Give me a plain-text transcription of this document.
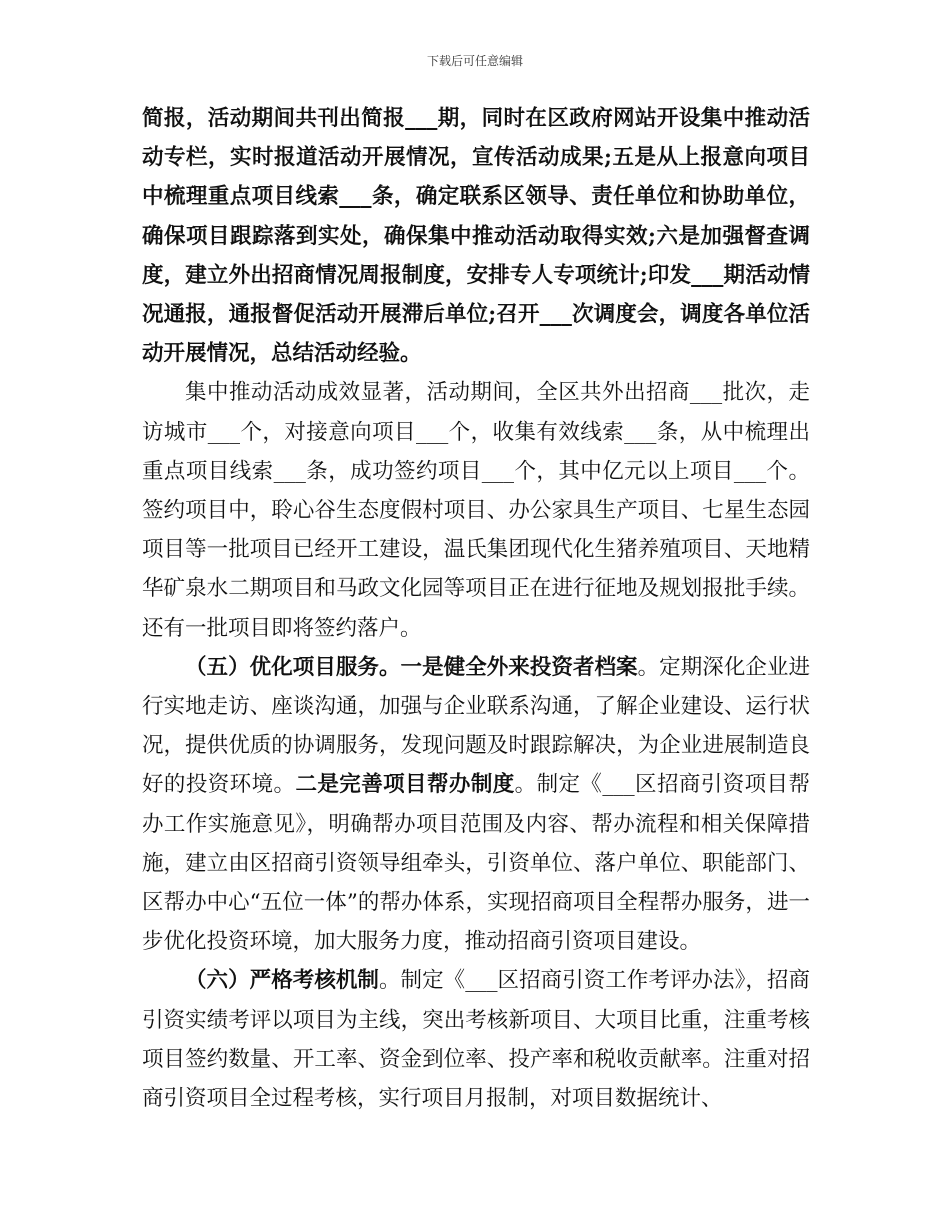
下载后可任意编辑

简报，活动期间共刊出简报___期，同时在区政府网站开设集中推动活动专栏，实时报道活动开展情况，宣传活动成果;五是从上报意向项目中梳理重点项目线索___条，确定联系区领导、责任单位和协助单位，确保项目跟踪落到实处，确保集中推动活动取得实效;六是加强督查调度，建立外出招商情况周报制度，安排专人专项统计;印发___期活动情况通报，通报督促活动开展滞后单位;召开___次调度会，调度各单位活动开展情况，总结活动经验。

集中推动活动成效显著，活动期间，全区共外出招商___批次，走访城市___个，对接意向项目___个，收集有效线索___条，从中梳理出重点项目线索___条，成功签约项目___个，其中亿元以上项目___个。签约项目中，聆心谷生态度假村项目、办公家具生产项目、七星生态园项目等一批项目已经开工建设，温氏集团现代化生猪养殖项目、天地精华矿泉水二期项目和马政文化园等项目正在进行征地及规划报批手续。还有一批项目即将签约落户。

（五）优化项目服务。一是健全外来投资者档案。定期深化企业进行实地走访、座谈沟通，加强与企业联系沟通，了解企业建设、运行状况，提供优质的协调服务，发现问题及时跟踪解决，为企业进展制造良好的投资环境。二是完善项目帮办制度。制定《___区招商引资项目帮办工作实施意见》，明确帮办项目范围及内容、帮办流程和相关保障措施，建立由区招商引资领导组牵头，引资单位、落户单位、职能部门、区帮办中心“五位一体”的帮办体系，实现招商项目全程帮办服务，进一步优化投资环境，加大服务力度，推动招商引资项目建设。

（六）严格考核机制。制定《___区招商引资工作考评办法》，招商引资实绩考评以项目为主线，突出考核新项目、大项目比重，注重考核项目签约数量、开工率、资金到位率、投产率和税收贡献率。注重对招商引资项目全过程考核，实行项目月报制，对项目数据统计、
